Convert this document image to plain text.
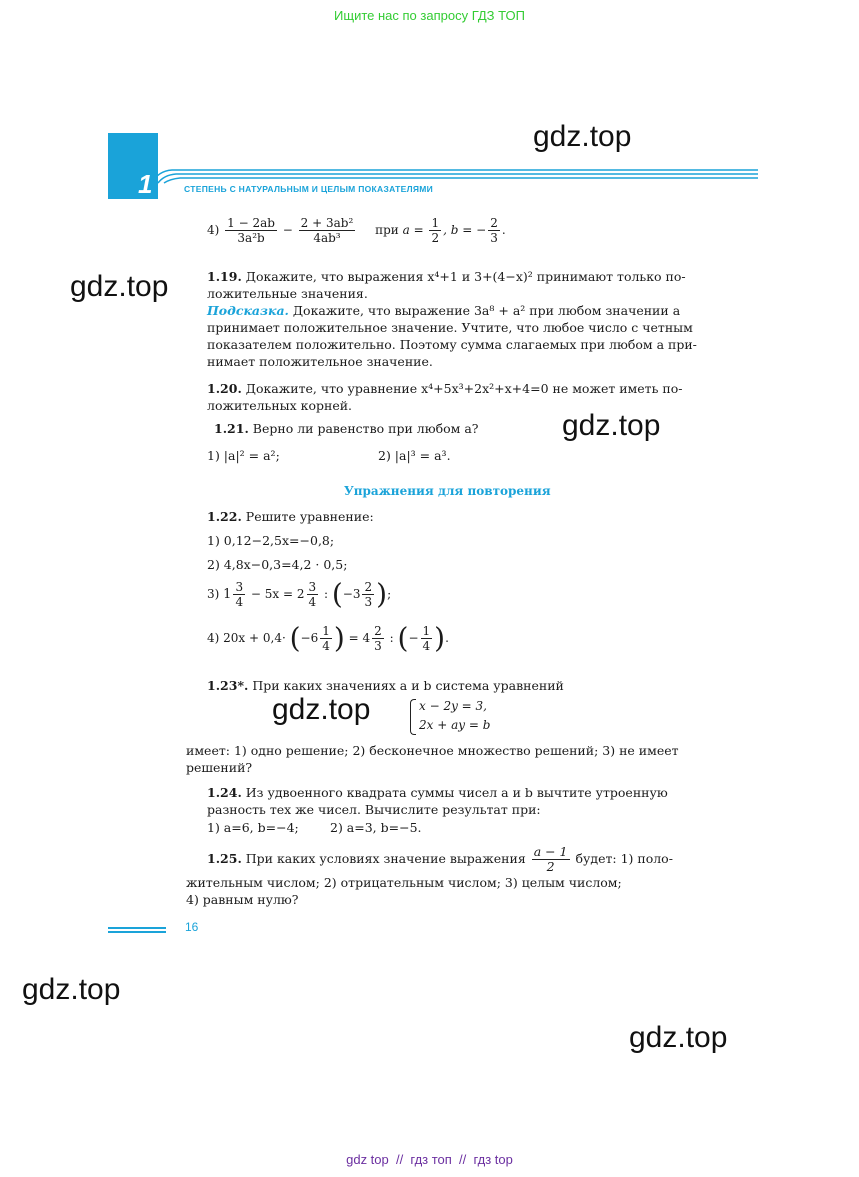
Ищите нас по запросу ГДЗ ТОП
gdz.top
gdz.top
gdz.top
gdz.top
gdz.top
gdz.top
1	СТЕПЕНЬ С НАТУРАЛЬНЫМ И ЦЕЛЫМ ПОКАЗАТЕЛЯМИ
$4) \frac{1 - 2ab}{\text{3a²b}} - \frac{\text{2 + 3ab²}}{\text{4ab³}}$ при $a = \frac{1}{2}$ , b = − $\frac{2}{3}$ .
1.19. Докажите, что выражения x⁴+1 и 3+(4−x)² принимают только по-
ложительные значения.
Подсказка. Докажите, что выражение 3a⁸ + a² при любом значении a
принимает положительное значение. Учтите, что любое число с четным
показателем положительно. Поэтому сумма слагаемых при любом a при-
нимает положительное значение.
1.20. Докажите, что уравнение x⁴+5x³+2x²+x+4=0 не может иметь по-
ложительных корней.
1.21. Верно ли равенство при любом a?
1) |a|² = a²;	2) |a|³ = a³.
Упражнения для повторения
1.22. Решите уравнение:
1) 0,12−2,5x=−0,8;
2) 4,8x−0,3=4,2 · 0,5;
3) $1 \frac{3}{4} - 5x = 2 \frac{3}{4}$ : ($-3 \frac{2}{3}$ );
4) $20x + 0,4\cdot (-6 \frac{1}{4}$ ) = $4 \frac{2}{3}$ : (− $\frac{1}{4}$ ).
1.23*. При каких значениях a и b система уравнений
x − 2y = 3,
2x + ay = b
имеет: 1) одно решение; 2) бесконечное множество решений; 3) не имеет
решений?
1.24. Из удвоенного квадрата суммы чисел a и b вычтите утроенную
разность тех же чисел. Вычислите результат при:
1) a=6, b=−4;	2) a=3, b=−5.
1.25. При каких условиях значение выражения $\frac{a - 1}{2}$ будет: 1) поло-
жительным числом; 2) отрицательным числом; 3) целым числом;
4) равным нулю?
16
gdz top  //  гдз топ  //  гдз top
